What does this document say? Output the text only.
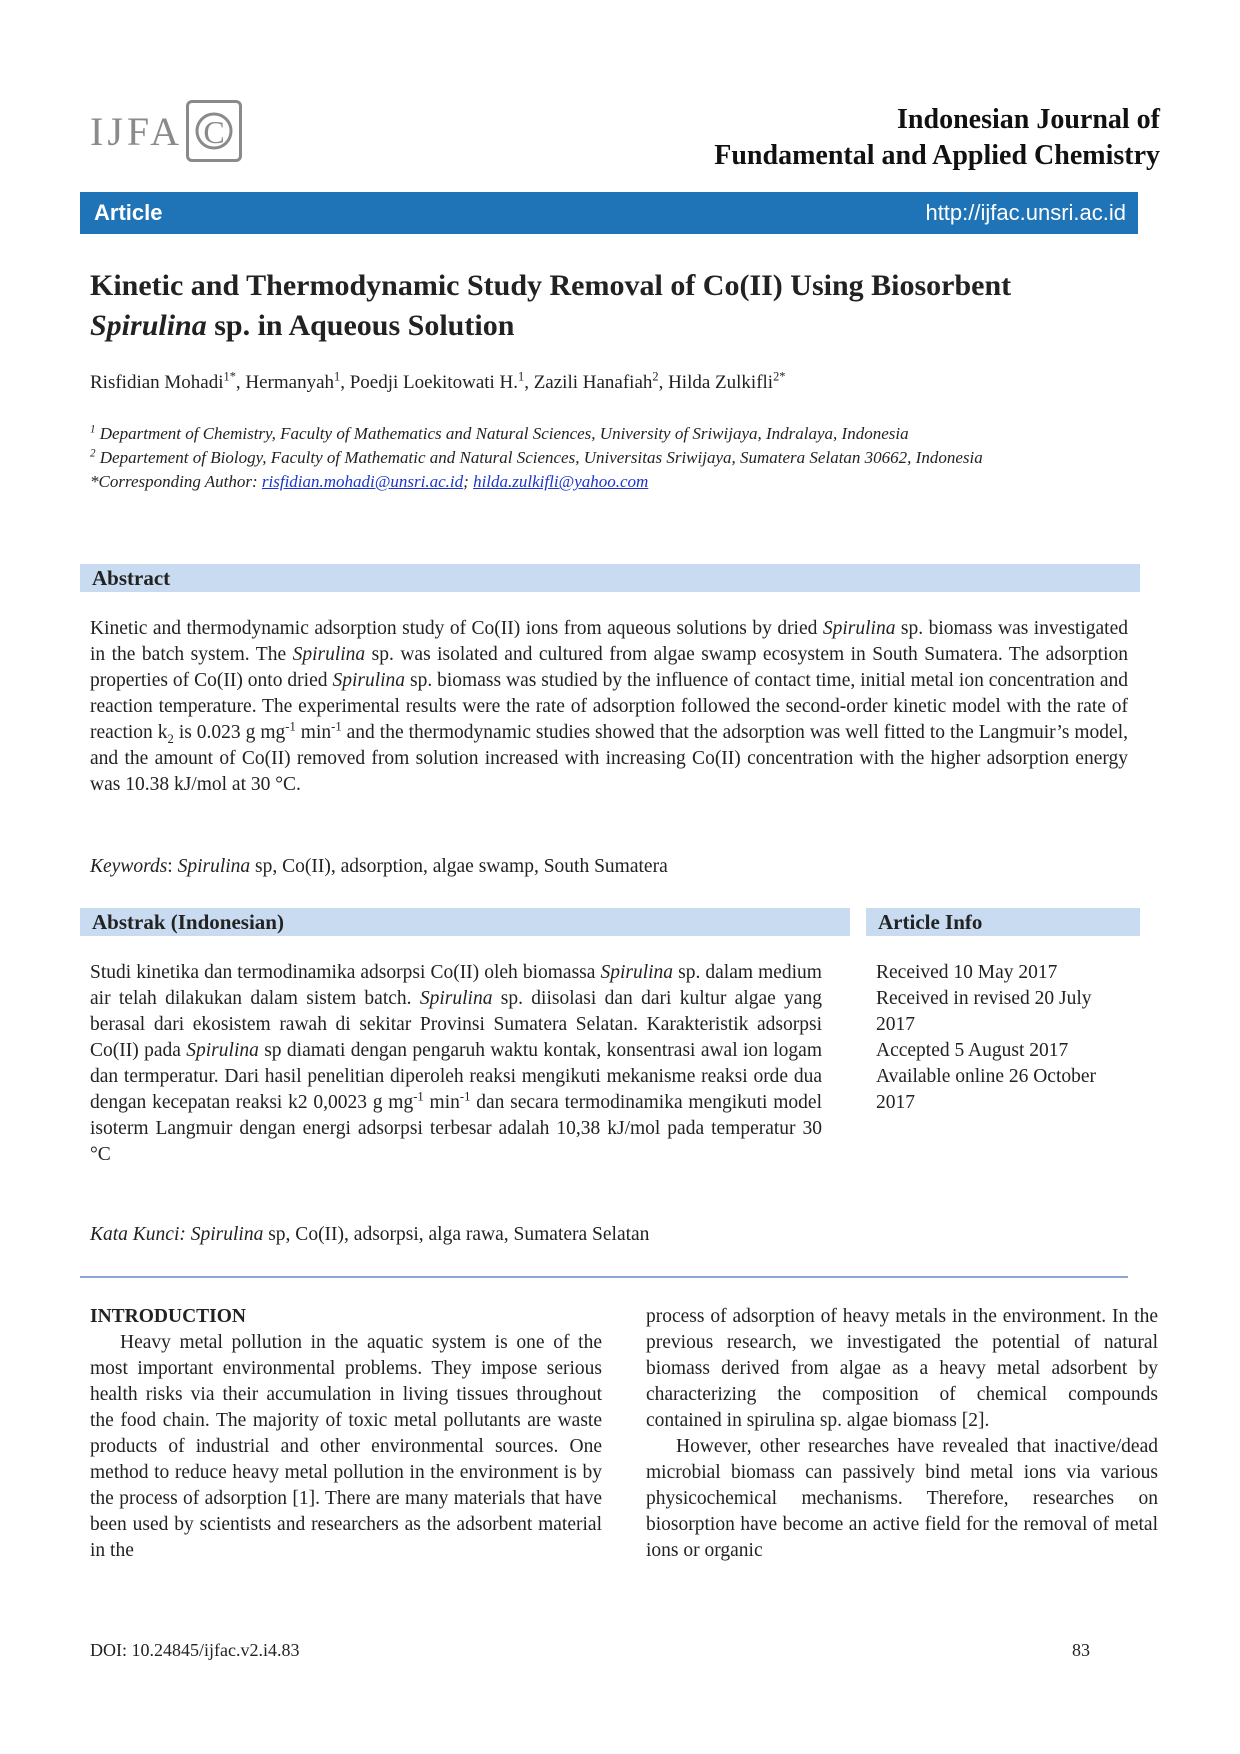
IJFA C	Indonesian Journal of
Fundamental and Applied Chemistry
Article	http://ijfac.unsri.ac.id
Kinetic and Thermodynamic Study Removal of Co(II) Using Biosorbent
Spirulina sp. in Aqueous Solution
Risfidian Mohadi$^{1*}$, Hermanyah$^1$, Poedji Loekitowati H.$^1$, Zazili Hanafiah$^2$, Hilda Zulkifli$^{2*}$
$^1$ Department of Chemistry, Faculty of Mathematics and Natural Sciences, University of Sriwijaya, Indralaya, Indonesia
$^2$ Departement of Biology, Faculty of Mathematic and Natural Sciences, Universitas Sriwijaya, Sumatera Selatan 30662, Indonesia
*Corresponding Author: risfidian.mohadi@unsri.ac.id; hilda.zulkifli@yahoo.com
Abstract
Kinetic and thermodynamic adsorption study of Co(II) ions from aqueous solutions by dried Spirulina sp. biomass was investigated in the batch system. The Spirulina sp. was isolated and cultured from algae swamp ecosystem in South Sumatera. The adsorption properties of Co(II) onto dried Spirulina sp. biomass was studied by the influence of contact time, initial metal ion concentration and reaction temperature. The experimental results were the rate of adsorption followed the second-order kinetic model with the rate of reaction $k_2$ is 0.023 g $mg^{-1}$ $\min^{-1}$ and the thermodynamic studies showed that the adsorption was well fitted to the Langmuir’s model, and the amount of Co(II) removed from solution increased with increasing Co(II) concentration with the higher adsorption energy was 10.38 kJ/mol at 30 °C.
Keywords: Spirulina sp, Co(II), adsorption, algae swamp, South Sumatera
Abstrak (Indonesian)	Article Info
Studi kinetika dan termodinamika adsorpsi Co(II) oleh biomassa Spirulina sp. dalam medium air telah dilakukan dalam sistem batch. Spirulina sp. diisolasi dan dari kultur algae yang berasal dari ekosistem rawah di sekitar Provinsi Sumatera Selatan. Karakteristik adsorpsi Co(II) pada Spirulina sp diamati dengan pengaruh waktu kontak, konsentrasi awal ion logam dan termperatur. Dari hasil penelitian diperoleh reaksi mengikuti mekanisme reaksi orde dua dengan kecepatan reaksi k2 0,0023 g $mg^{-1}$ $\min^{-1}$ dan secara termodinamika mengikuti model isoterm Langmuir dengan energi adsorpsi terbesar adalah 10,38 kJ/mol pada temperatur 30 °C
Received 10 May 2017
Received in revised 20 July 2017
Accepted 5 August 2017
Available online 26 October 2017
Kata Kunci: Spirulina sp, Co(II), adsorpsi, alga rawa, Sumatera Selatan
INTRODUCTION
Heavy metal pollution in the aquatic system is one of the most important environmental problems. They impose serious health risks via their accumulation in living tissues throughout the food chain. The majority of toxic metal pollutants are waste products of industrial and other environmental sources. One method to reduce heavy metal pollution in the environment is by the process of adsorption [1]. There are many materials that have been used by scientists and researchers as the adsorbent material in the
process of adsorption of heavy metals in the environment. In the previous research, we investigated the potential of natural biomass derived from algae as a heavy metal adsorbent by characterizing the composition of chemical compounds contained in spirulina sp. algae biomass [2].
However, other researches have revealed that inactive/dead microbial biomass can passively bind metal ions via various physicochemical mechanisms. Therefore, researches on biosorption have become an active field for the removal of metal ions or organic
DOI: 10.24845/ijfac.v2.i4.83	83
